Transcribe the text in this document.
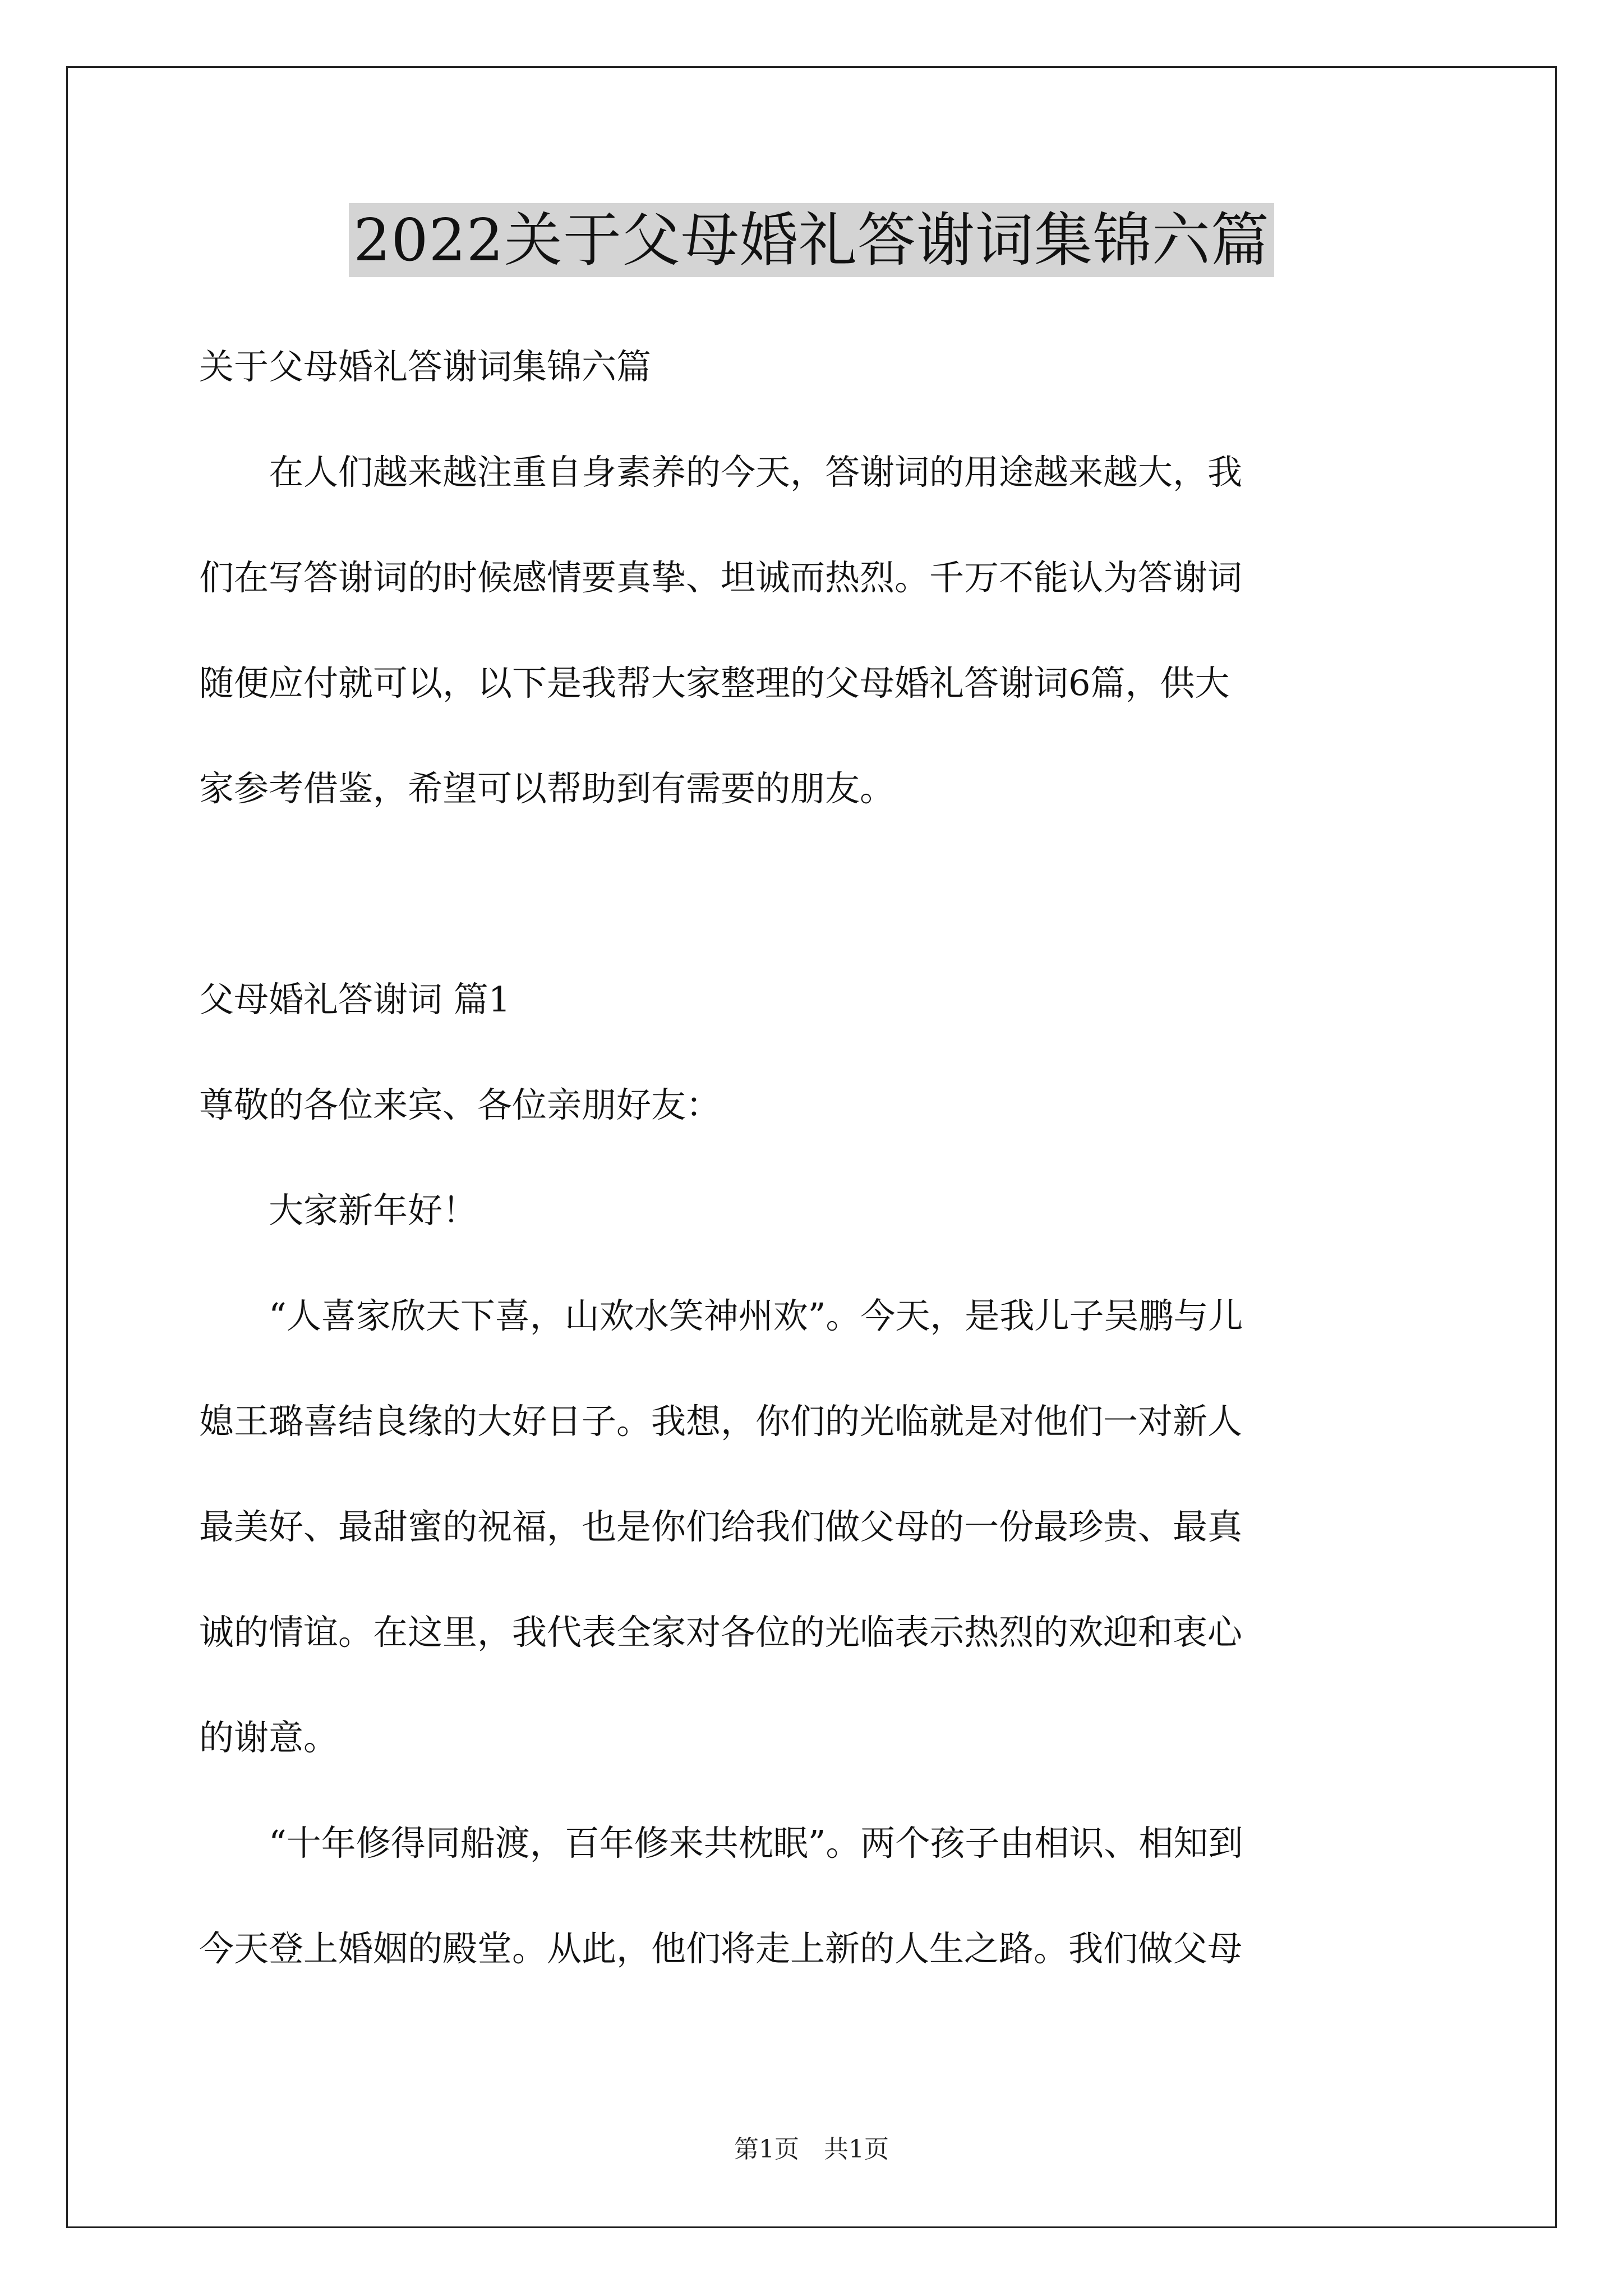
2022关于父母婚礼答谢词集锦六篇
关于父母婚礼答谢词集锦六篇
　　在人们越来越注重自身素养的今天，答谢词的用途越来越大，我
们在写答谢词的时候感情要真挚、坦诚而热烈。千万不能认为答谢词
随便应付就可以，以下是我帮大家整理的父母婚礼答谢词6篇，供大
家参考借鉴，希望可以帮助到有需要的朋友。
父母婚礼答谢词 篇1
尊敬的各位来宾、各位亲朋好友：
　　大家新年好！
　　“人喜家欣天下喜，山欢水笑神州欢”。今天，是我儿子吴鹏与儿
媳王璐喜结良缘的大好日子。我想，你们的光临就是对他们一对新人
最美好、最甜蜜的祝福，也是你们给我们做父母的一份最珍贵、最真
诚的情谊。在这里，我代表全家对各位的光临表示热烈的欢迎和衷心
的谢意。
　　“十年修得同船渡，百年修来共枕眠”。两个孩子由相识、相知到
今天登上婚姻的殿堂。从此，他们将走上新的人生之路。我们做父母
第1页　共1页
